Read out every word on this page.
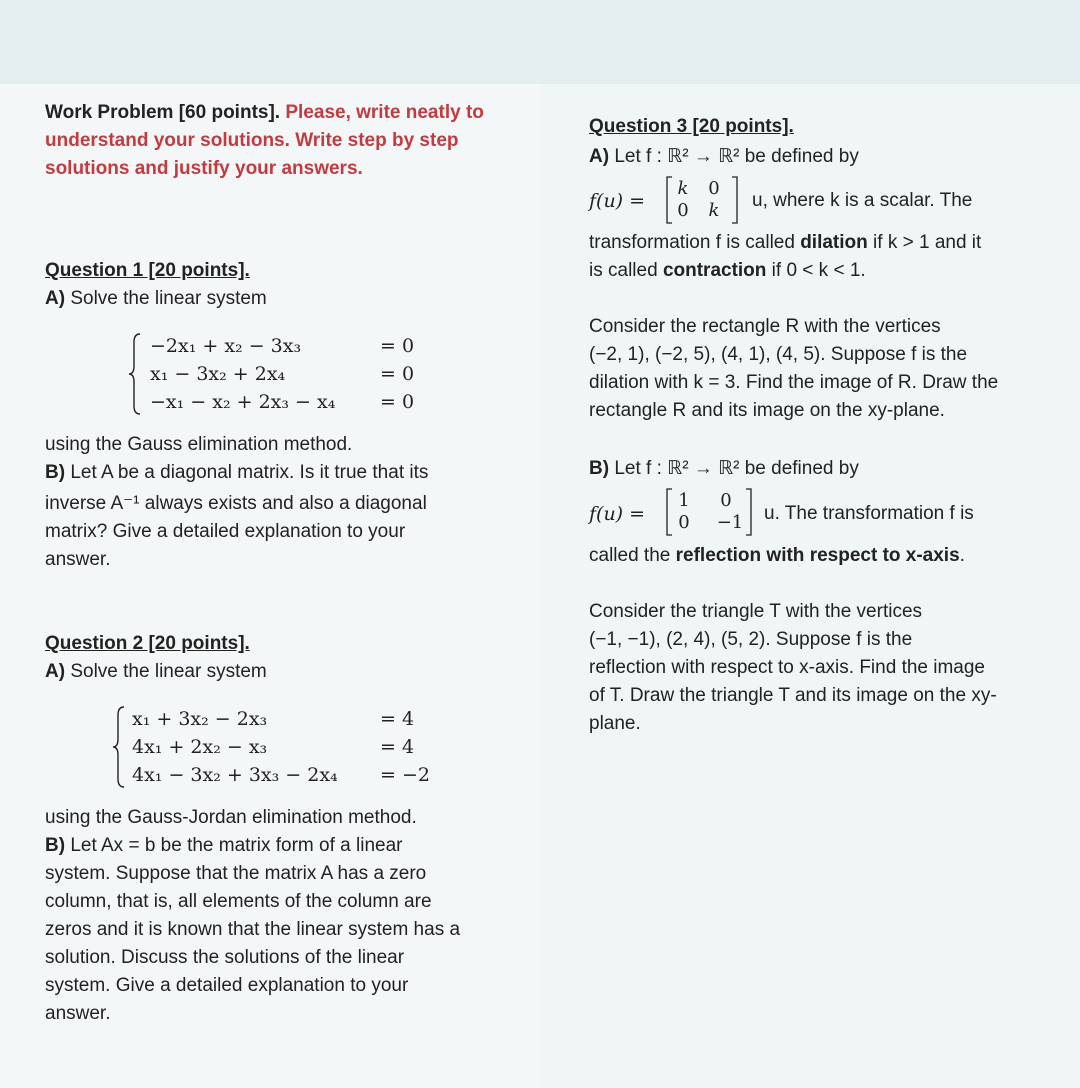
Work Problem [60 points]. Please, write neatly to
understand your solutions. Write step by step
solutions and justify your answers.
Question 1 [20 points].
A) Solve the linear system
−2x₁ + x₂ − 3x₃
x₁ − 3x₂ + 2x₄
−x₁ − x₂ + 2x₃ − x₄
= 0
= 0
= 0
using the Gauss elimination method.
B) Let A be a diagonal matrix. Is it true that its
inverse A⁻¹ always exists and also a diagonal
matrix? Give a detailed explanation to your
answer.
Question 2 [20 points].
A) Solve the linear system
x₁ + 3x₂ − 2x₃
4x₁ + 2x₂ − x₃
4x₁ − 3x₂ + 3x₃ − 2x₄
= 4
= 4
= −2
using the Gauss-Jordan elimination method.
B) Let Ax = b be the matrix form of a linear
system. Suppose that the matrix A has a zero
column, that is, all elements of the column are
zeros and it is known that the linear system has a
solution. Discuss the solutions of the linear
system. Give a detailed explanation to your
answer.
Question 3 [20 points].
A) Let f : ℝ² → ℝ² be defined by
f(u) =
k	0
0	k u, where k is a scalar. The
transformation f is called dilation if k > 1 and it
is called contraction if 0 < k < 1.
Consider the rectangle R with the vertices
(−2, 1), (−2, 5), (4, 1), (4, 5). Suppose f is the
dilation with k = 3. Find the image of R. Draw the
rectangle R and its image on the xy-plane.
B) Let f : ℝ² → ℝ² be defined by
f(u) =
1 0
0 −1 u. The transformation f is
called the reflection with respect to x-axis.
Consider the triangle T with the vertices
(−1, −1), (2, 4), (5, 2). Suppose f is the
reflection with respect to x-axis. Find the image
of T. Draw the triangle T and its image on the xy-
plane.
